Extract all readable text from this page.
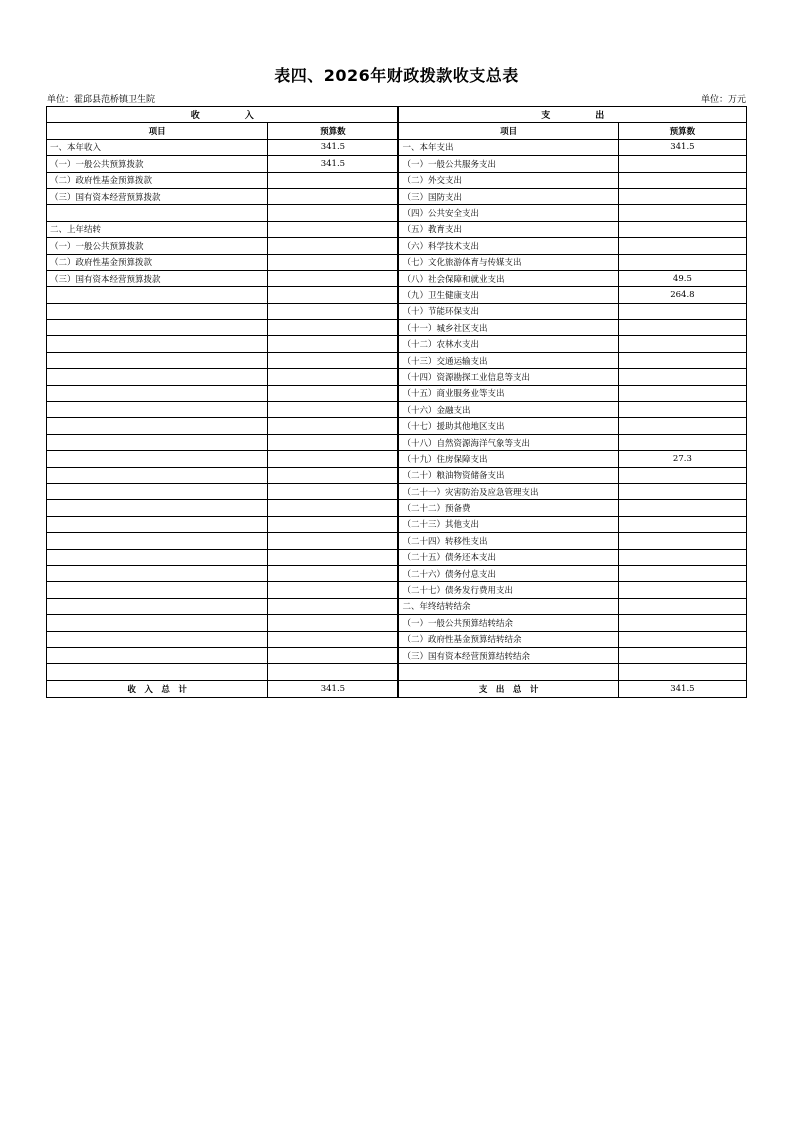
表四、2026年财政拨款收支总表
单位：霍邱县范桥镇卫生院	单位：万元
收　　　　　入		支　　　　　出	
项目	预算数		项目	预算数
一、本年收入	341.5		一、本年支出	341.5
（一）一般公共预算拨款	341.5		（一）一般公共服务支出	
（二）政府性基金预算拨款			（二）外交支出	
（三）国有资本经营预算拨款			（三）国防支出	
			（四）公共安全支出	
二、上年结转			（五）教育支出	
（一）一般公共预算拨款			（六）科学技术支出	
（二）政府性基金预算拨款			（七）文化旅游体育与传媒支出	
（三）国有资本经营预算拨款			（八）社会保障和就业支出	49.5
			（九）卫生健康支出	264.8
			（十）节能环保支出	
			（十一）城乡社区支出	
			（十二）农林水支出	
			（十三）交通运输支出	
			（十四）资源勘探工业信息等支出	
			（十五）商业服务业等支出	
			（十六）金融支出	
			（十七）援助其他地区支出	
			（十八）自然资源海洋气象等支出	
			（十九）住房保障支出	27.3
			（二十）粮油物资储备支出	
			（二十一）灾害防治及应急管理支出	
			（二十二）预备费	
			（二十三）其他支出	
			（二十四）转移性支出	
			（二十五）债务还本支出	
			（二十六）债务付息支出	
			（二十七）债务发行费用支出	
			二、年终结转结余	
			（一）一般公共预算结转结余	
			（二）政府性基金预算结转结余	
			（三）国有资本经营预算结转结余	

收　入　总　计	341.5		支　出　总　计	341.5
